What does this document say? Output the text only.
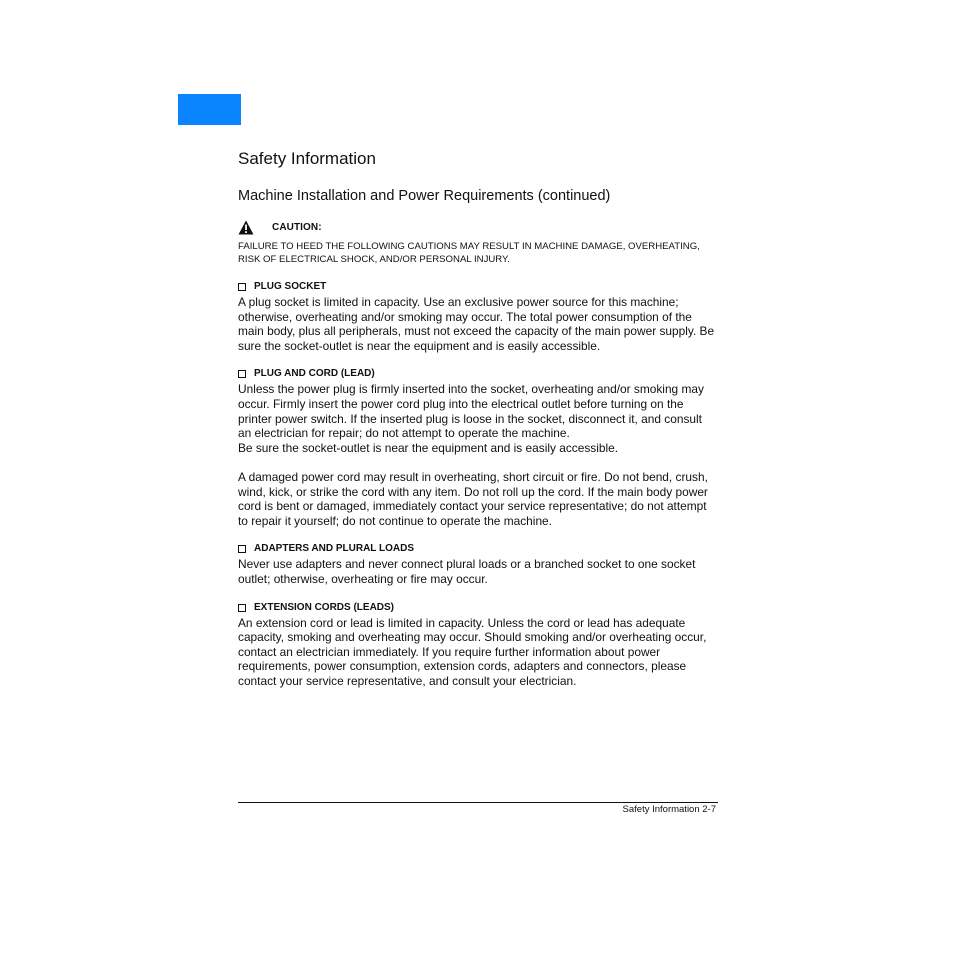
Safety Information
Machine Installation and Power Requirements (continued)
CAUTION:
FAILURE TO HEED THE FOLLOWING CAUTIONS MAY RESULT IN MACHINE DAMAGE, OVERHEATING, RISK OF ELECTRICAL SHOCK, AND/OR PERSONAL INJURY.
PLUG SOCKET

A plug socket is limited in capacity. Use an exclusive power source for this machine; otherwise, overheating and/or smoking may occur. The total power consumption of the main body, plus all peripherals, must not exceed the capacity of the main power supply. Be sure the socket-outlet is near the equipment and is easily accessible.

PLUG AND CORD (LEAD)

Unless the power plug is firmly inserted into the socket, overheating and/or smoking may occur. Firmly insert the power cord plug into the electrical outlet before turning on the printer power switch. If the inserted plug is loose in the socket, disconnect it, and consult an electrician for repair; do not attempt to operate the machine.

Be sure the socket-outlet is near the equipment and is easily accessible.

A damaged power cord may result in overheating, short circuit or fire. Do not bend, crush, wind, kick, or strike the cord with any item. Do not roll up the cord. If the main body power cord is bent or damaged, immediately contact your service representative; do not attempt to repair it yourself; do not continue to operate the machine.

ADAPTERS AND PLURAL LOADS

Never use adapters and never connect plural loads or a branched socket to one socket outlet; otherwise, overheating or fire may occur.

EXTENSION CORDS (LEADS)

An extension cord or lead is limited in capacity. Unless the cord or lead has adequate capacity, smoking and overheating may occur. Should smoking and/or overheating occur, contact an electrician immediately. If you require further information about power requirements, power consumption, extension cords, adapters and connectors, please contact your service representative, and consult your electrician.

Safety Information 2-7
